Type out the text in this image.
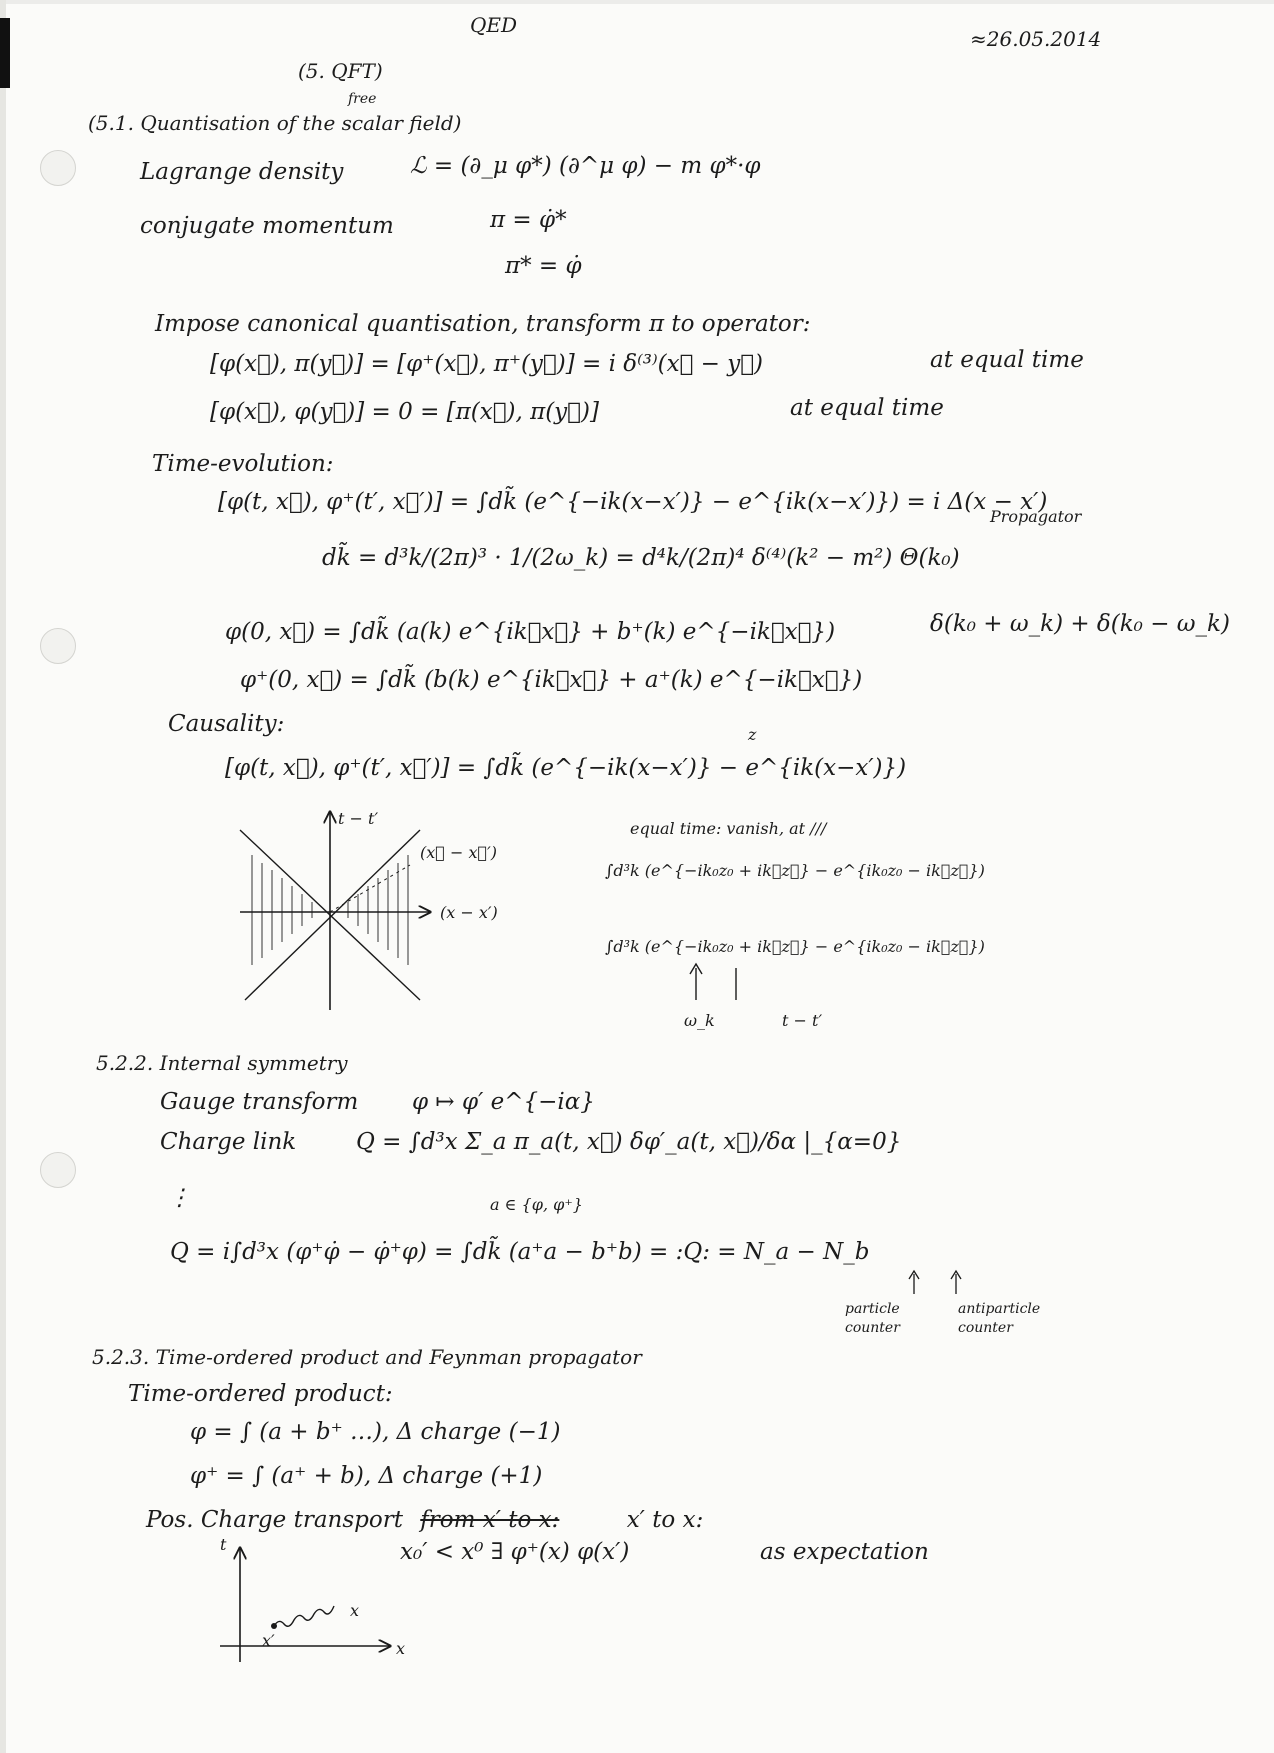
QED
≈26.05.2014
(5. QFT)
free
(5.1. Quantisation of the scalar field)
Lagrange density	ℒ = (∂_μ φ*) (∂^μ φ) − m φ*·φ
conjugate momentum	π = φ̇*
π* = φ̇
Impose canonical quantisation, transform π to operator:
[φ(x⃗), π(y⃗)] = [φ⁺(x⃗), π⁺(y⃗)] = i δ⁽³⁾(x⃗ − y⃗)	at equal time
[φ(x⃗), φ(y⃗)] = 0 = [π(x⃗), π(y⃗)]	at equal time
Time-evolution:
[φ(t, x⃗), φ⁺(t′, x⃗′)] = ∫dk̃ (e^{−ik(x−x′)} − e^{ik(x−x′)}) = i Δ(x − x′)
Propagator
dk̃ = d³k/(2π)³ · 1/(2ω_k) = d⁴k/(2π)⁴ δ⁽⁴⁾(k² − m²) Θ(k₀)
δ(k₀ + ω_k) + δ(k₀ − ω_k)
φ(0, x⃗) = ∫dk̃ (a(k) e^{ik⃗x⃗} + b⁺(k) e^{−ik⃗x⃗})
φ⁺(0, x⃗) = ∫dk̃ (b(k) e^{ik⃗x⃗} + a⁺(k) e^{−ik⃗x⃗})
Causality:	z
[φ(t, x⃗), φ⁺(t′, x⃗′)] = ∫dk̃ (e^{−ik(x−x′)} − e^{ik(x−x′)})
t − t′
(x⃗ − x⃗′)
(x − x′)
equal time: vanish, at ///
∫d³k (e^{−ik₀z₀ + ik⃗z⃗} − e^{ik₀z₀ − ik⃗z⃗})
∫d³k (e^{−ik₀z₀ + ik⃗z⃗} − e^{ik₀z₀ − ik⃗z⃗})
ω_k	t − t′
5.2.2. Internal symmetry
Gauge transform φ ↦ φ′ e^{−iα}
Charge link	Q = ∫d³x Σ_a π_a(t, x⃗) δφ′_a(t, x⃗)/δα |_{α=0}
a ∈ {φ, φ⁺}
⋮
Q = i∫d³x (φ⁺φ̇ − φ̇⁺φ) = ∫dk̃ (a⁺a − b⁺b) = :Q: = N_a − N_b
particle counter
antiparticle counter
5.2.3. Time-ordered product and Feynman propagator
Time-ordered product:
φ = ∫ (a + b⁺ …), Δ charge (−1)
φ⁺ = ∫ (a⁺ + b), Δ charge (+1)
Pos. Charge transport from x′ to x:	x′ to x:
x₀′ < x⁰ ∃ φ⁺(x) φ(x′)	as expectation
t
x
x′
x
